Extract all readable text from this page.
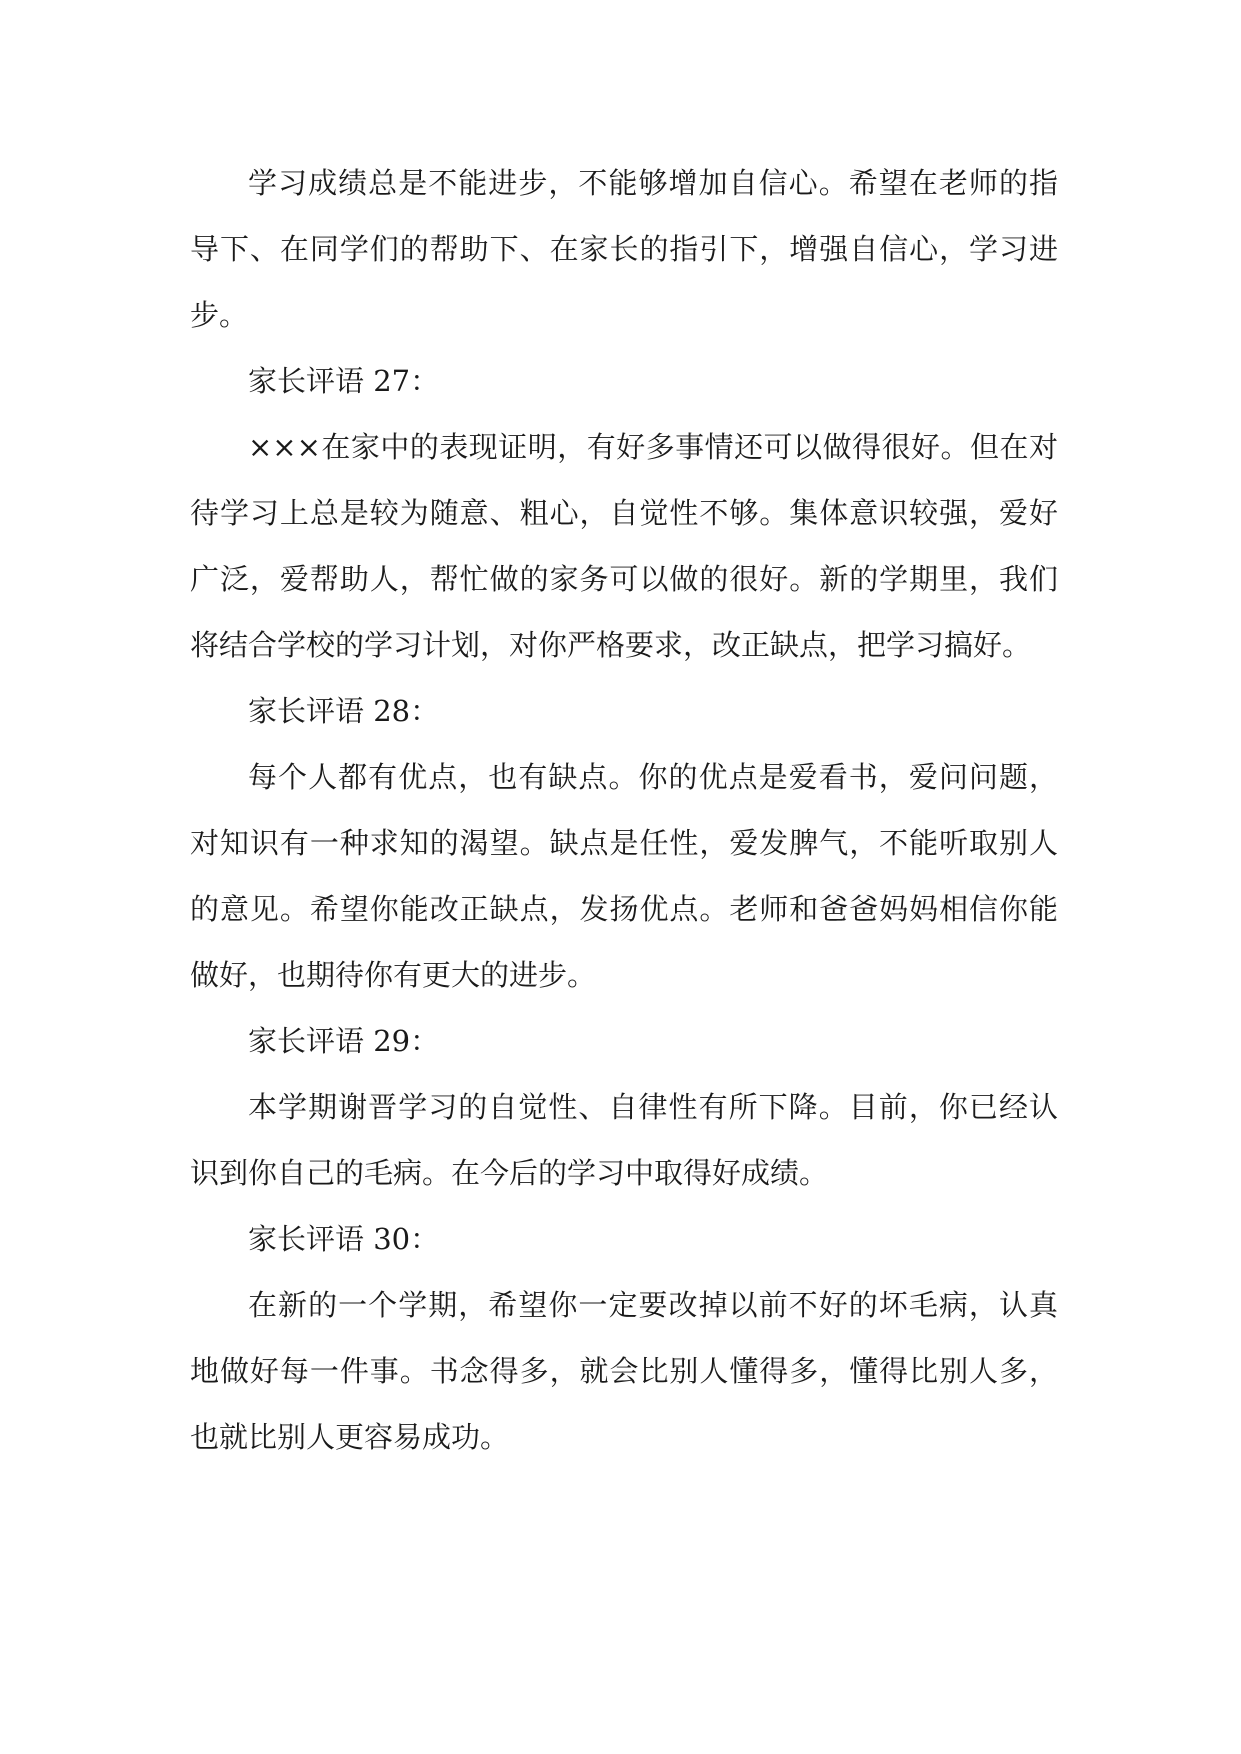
学习成绩总是不能进步，不能够增加自信心。希望在老师的指导下、在同学们的帮助下、在家长的指引下，增强自信心，学习进步。

家长评语 27：

×××在家中的表现证明，有好多事情还可以做得很好。但在对待学习上总是较为随意、粗心，自觉性不够。集体意识较强，爱好广泛，爱帮助人，帮忙做的家务可以做的很好。新的学期里，我们将结合学校的学习计划，对你严格要求，改正缺点，把学习搞好。

家长评语 28：

每个人都有优点，也有缺点。你的优点是爱看书，爱问问题，对知识有一种求知的渴望。缺点是任性，爱发脾气，不能听取别人的意见。希望你能改正缺点，发扬优点。老师和爸爸妈妈相信你能做好，也期待你有更大的进步。

家长评语 29：

本学期谢晋学习的自觉性、自律性有所下降。目前，你已经认识到你自己的毛病。在今后的学习中取得好成绩。

家长评语 30：

在新的一个学期，希望你一定要改掉以前不好的坏毛病，认真地做好每一件事。书念得多，就会比别人懂得多，懂得比别人多，也就比别人更容易成功。
